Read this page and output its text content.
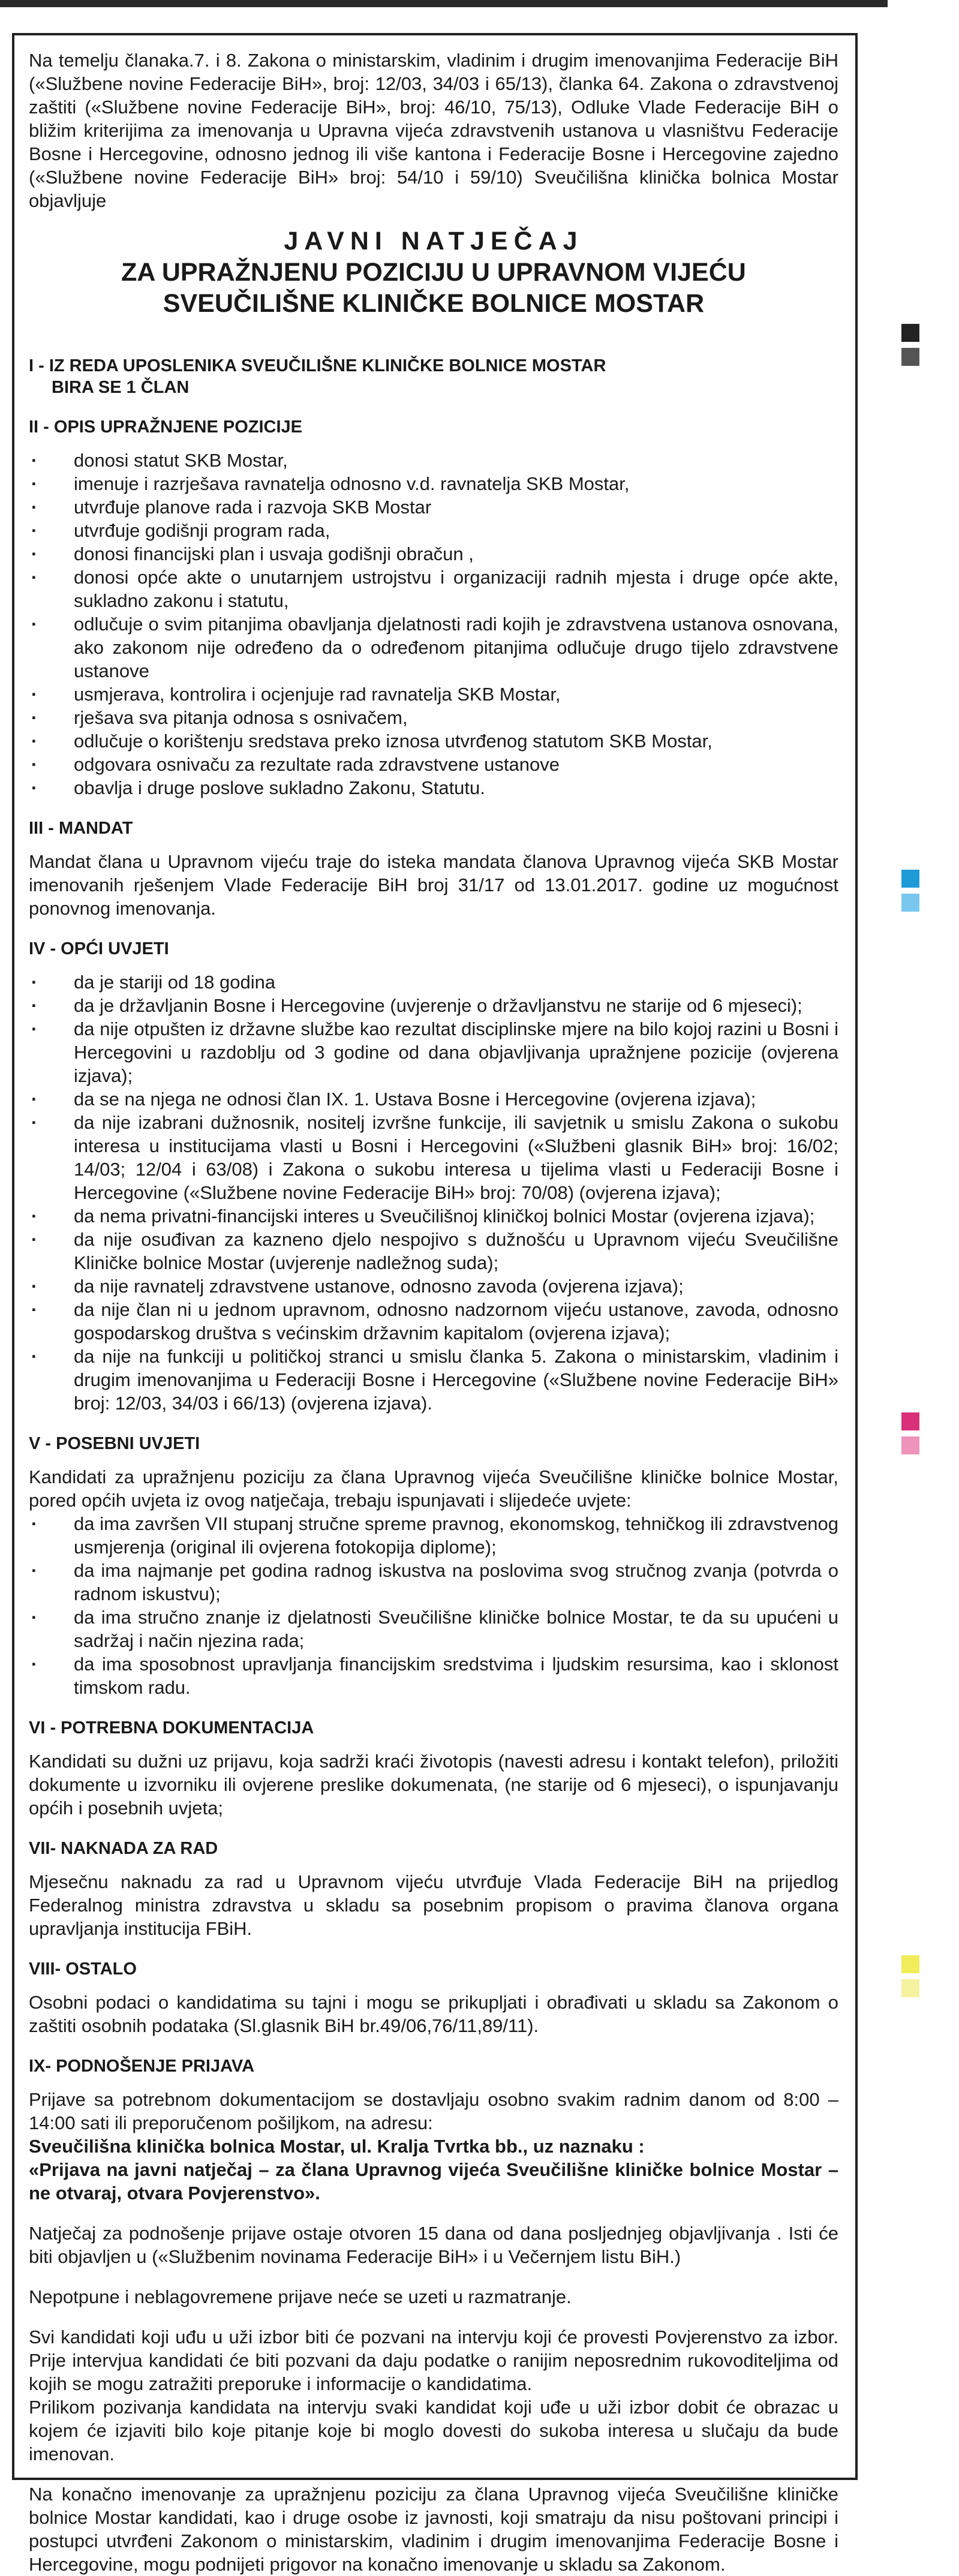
Na temelju članaka.7. i 8. Zakona o ministarskim, vladinim i drugim imenovanjima Federacije BiH («Službene novine Federacije BiH», broj: 12/03, 34/03 i 65/13), članka 64. Zakona o zdravstvenoj zaštiti («Službene novine Federacije BiH», broj: 46/10, 75/13), Odluke Vlade Federacije BiH o bližim kriterijima za imenovanja u Upravna vijeća zdravstvenih ustanova u vlasništvu Federacije Bosne i Hercegovine, odnosno jednog ili više kantona i Federacije Bosne i Hercegovine zajedno («Službene novine Federacije BiH» broj: 54/10 i 59/10) Sveučilišna klinička bolnica Mostar objavljuje

JAVNI NATJEČAJ
ZA UPRAŽNJENU POZICIJU U UPRAVNOM VIJEĆU
SVEUČILIŠNE KLINIČKE BOLNICE MOSTAR
I - IZ REDA UPOSLENIKA SVEUČILIŠNE KLINIČKE BOLNICE MOSTAR
BIRA SE 1 ČLAN
II - OPIS UPRAŽNJENE POZICIJE
· donosi statut SKB Mostar,
· imenuje i razrješava ravnatelja odnosno v.d. ravnatelja SKB Mostar,
· utvrđuje planove rada i razvoja SKB Mostar
· utvrđuje godišnji program rada,
· donosi financijski plan i usvaja godišnji obračun ,
· donosi opće akte o unutarnjem ustrojstvu i organizaciji radnih mjesta i druge opće akte, sukladno zakonu i statutu,
· odlučuje o svim pitanjima obavljanja djelatnosti radi kojih je zdravstvena ustanova osnovana, ako zakonom nije određeno da o određenom pitanjima odlučuje drugo tijelo zdravstvene ustanove
· usmjerava, kontrolira i ocjenjuje rad ravnatelja SKB Mostar,
· rješava sva pitanja odnosa s osnivačem,
· odlučuje o korištenju sredstava preko iznosa utvrđenog statutom SKB Mostar,
· odgovara osnivaču za rezultate rada zdravstvene ustanove
· obavlja i druge poslove sukladno Zakonu, Statutu.
III - MANDAT

Mandat člana u Upravnom vijeću traje do isteka mandata članova Upravnog vijeća SKB Mostar imenovanih rješenjem Vlade Federacije BiH broj 31/17 od 13.01.2017. godine uz mogućnost ponovnog imenovanja.

IV - OPĆI UVJETI
· da je stariji od 18 godina
· da je državljanin Bosne i Hercegovine (uvjerenje o državljanstvu ne starije od 6 mjeseci);
· da nije otpušten iz državne službe kao rezultat disciplinske mjere na bilo kojoj razini u Bosni i Hercegovini u razdoblju od 3 godine od dana objavljivanja upražnjene pozicije (ovjerena izjava);
· da se na njega ne odnosi član IX. 1. Ustava Bosne i Hercegovine (ovjerena izjava);
· da nije izabrani dužnosnik, nositelj izvršne funkcije, ili savjetnik u smislu Zakona o sukobu interesa u institucijama vlasti u Bosni i Hercegovini («Službeni glasnik BiH» broj: 16/02; 14/03; 12/04 i 63/08) i Zakona o sukobu interesa u tijelima vlasti u Federaciji Bosne i Hercegovine («Službene novine Federacije BiH» broj: 70/08) (ovjerena izjava);
· da nema privatni-financijski interes u Sveučilišnoj kliničkoj bolnici Mostar (ovjerena izjava);
· da nije osuđivan za kazneno djelo nespojivo s dužnošću u Upravnom vijeću Sveučilišne Kliničke bolnice Mostar (uvjerenje nadležnog suda);
· da nije ravnatelj zdravstvene ustanove, odnosno zavoda (ovjerena izjava);
· da nije član ni u jednom upravnom, odnosno nadzornom vijeću ustanove, zavoda, odnosno gospodarskog društva s većinskim državnim kapitalom (ovjerena izjava);
· da nije na funkciji u političkoj stranci u smislu članka 5. Zakona o ministarskim, vladinim i drugim imenovanjima u Federaciji Bosne i Hercegovine («Službene novine Federacije BiH» broj: 12/03, 34/03 i 66/13) (ovjerena izjava).
V - POSEBNI UVJETI

Kandidati za upražnjenu poziciju za člana Upravnog vijeća Sveučilišne kliničke bolnice Mostar, pored općih uvjeta iz ovog natječaja, trebaju ispunjavati i slijedeće uvjete:

· da ima završen VII stupanj stručne spreme pravnog, ekonomskog, tehničkog ili zdravstvenog usmjerenja (original ili ovjerena fotokopija diplome);
· da ima najmanje pet godina radnog iskustva na poslovima svog stručnog zvanja (potvrda o radnom iskustvu);
· da ima stručno znanje iz djelatnosti Sveučilišne kliničke bolnice Mostar, te da su upućeni u sadržaj i način njezina rada;
· da ima sposobnost upravljanja financijskim sredstvima i ljudskim resursima, kao i sklonost timskom radu.
VI - POTREBNA DOKUMENTACIJA

Kandidati su dužni uz prijavu, koja sadrži kraći životopis (navesti adresu i kontakt telefon), priložiti dokumente u izvorniku ili ovjerene preslike dokumenata, (ne starije od 6 mjeseci), o ispunjavanju općih i posebnih uvjeta;

VII- NAKNADA ZA RAD

Mjesečnu naknadu za rad u Upravnom vijeću utvrđuje Vlada Federacije BiH na prijedlog Federalnog ministra zdravstva u skladu sa posebnim propisom o pravima članova organa upravljanja institucija FBiH.

VIII- OSTALO

Osobni podaci o kandidatima su tajni i mogu se prikupljati i obrađivati u skladu sa Zakonom o zaštiti osobnih podataka (Sl.glasnik BiH br.49/06,76/11,89/11).

IX- PODNOŠENJE PRIJAVA

Prijave sa potrebnom dokumentacijom se dostavljaju osobno svakim radnim danom od 8:00 – 14:00 sati ili preporučenom pošiljkom, na adresu:

Sveučilišna klinička bolnica Mostar, ul. Kralja Tvrtka bb., uz naznaku :

«Prijava na javni natječaj – za člana Upravnog vijeća Sveučilišne kliničke bolnice Mostar – ne otvaraj, otvara Povjerenstvo».

Natječaj za podnošenje prijave ostaje otvoren 15 dana od dana posljednjeg objavljivanja . Isti će biti objavljen u («Službenim novinama Federacije BiH» i u Večernjem listu BiH.)

Nepotpune i neblagovremene prijave neće se uzeti u razmatranje.

Svi kandidati koji uđu u uži izbor biti će pozvani na intervju koji će provesti Povjerenstvo za izbor. Prije intervjua kandidati će biti pozvani da daju podatke o ranijim neposrednim rukovoditeljima od kojih se mogu zatražiti preporuke i informacije o kandidatima.

Prilikom pozivanja kandidata na intervju svaki kandidat koji uđe u uži izbor dobit će obrazac u kojem će izjaviti bilo koje pitanje koje bi moglo dovesti do sukoba interesa u slučaju da bude imenovan.

Na konačno imenovanje za upražnjenu poziciju za člana Upravnog vijeća Sveučilišne kliničke bolnice Mostar kandidati, kao i druge osobe iz javnosti, koji smatraju da nisu poštovani principi i postupci utvrđeni Zakonom o ministarskim, vladinim i drugim imenovanjima Federacije Bosne i Hercegovine, mogu podnijeti prigovor na konačno imenovanje u skladu sa Zakonom.
